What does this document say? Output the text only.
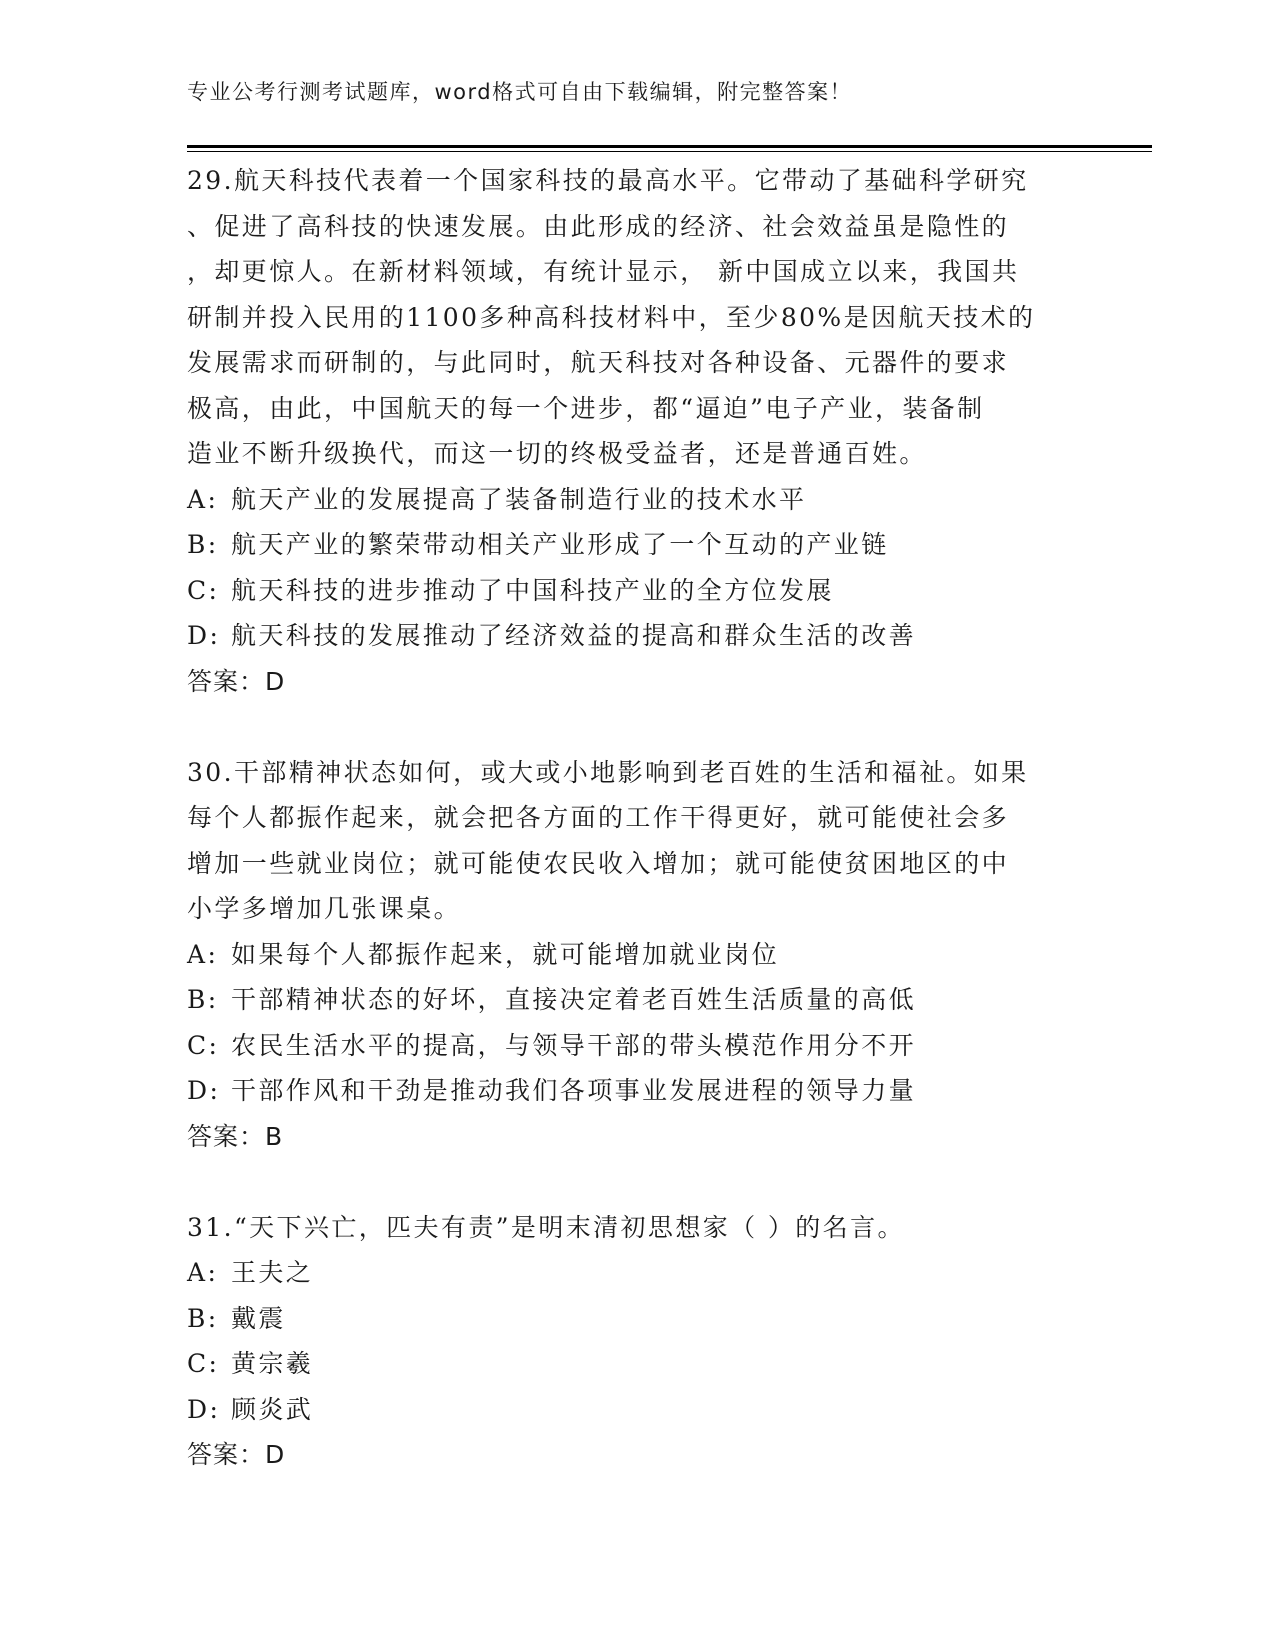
专业公考行测考试题库，word格式可自由下载编辑，附完整答案！
29.航天科技代表着一个国家科技的最高水平。它带动了基础科学研究
、促进了高科技的快速发展。由此形成的经济、社会效益虽是隐性的
，却更惊人。在新材料领域，有统计显示， 新中国成立以来，我国共
研制并投入民用的1100多种高科技材料中，至少80%是因航天技术的
发展需求而研制的，与此同时，航天科技对各种设备、元器件的要求
极高，由此，中国航天的每一个进步，都“逼迫”电子产业，装备制
造业不断升级换代，而这一切的终极受益者，还是普通百姓。
A: 航天产业的发展提高了装备制造行业的技术水平
B: 航天产业的繁荣带动相关产业形成了一个互动的产业链
C: 航天科技的进步推动了中国科技产业的全方位发展
D: 航天科技的发展推动了经济效益的提高和群众生活的改善
答案：D
30.干部精神状态如何，或大或小地影响到老百姓的生活和福祉。如果
每个人都振作起来，就会把各方面的工作干得更好，就可能使社会多
增加一些就业岗位；就可能使农民收入增加；就可能使贫困地区的中
小学多增加几张课桌。
A: 如果每个人都振作起来，就可能增加就业岗位
B: 干部精神状态的好坏，直接决定着老百姓生活质量的高低
C: 农民生活水平的提高，与领导干部的带头模范作用分不开
D: 干部作风和干劲是推动我们各项事业发展进程的领导力量
答案：B
31.“天下兴亡，匹夫有责”是明末清初思想家（ ）的名言。
A: 王夫之
B: 戴震
C: 黄宗羲
D: 顾炎武
答案：D
